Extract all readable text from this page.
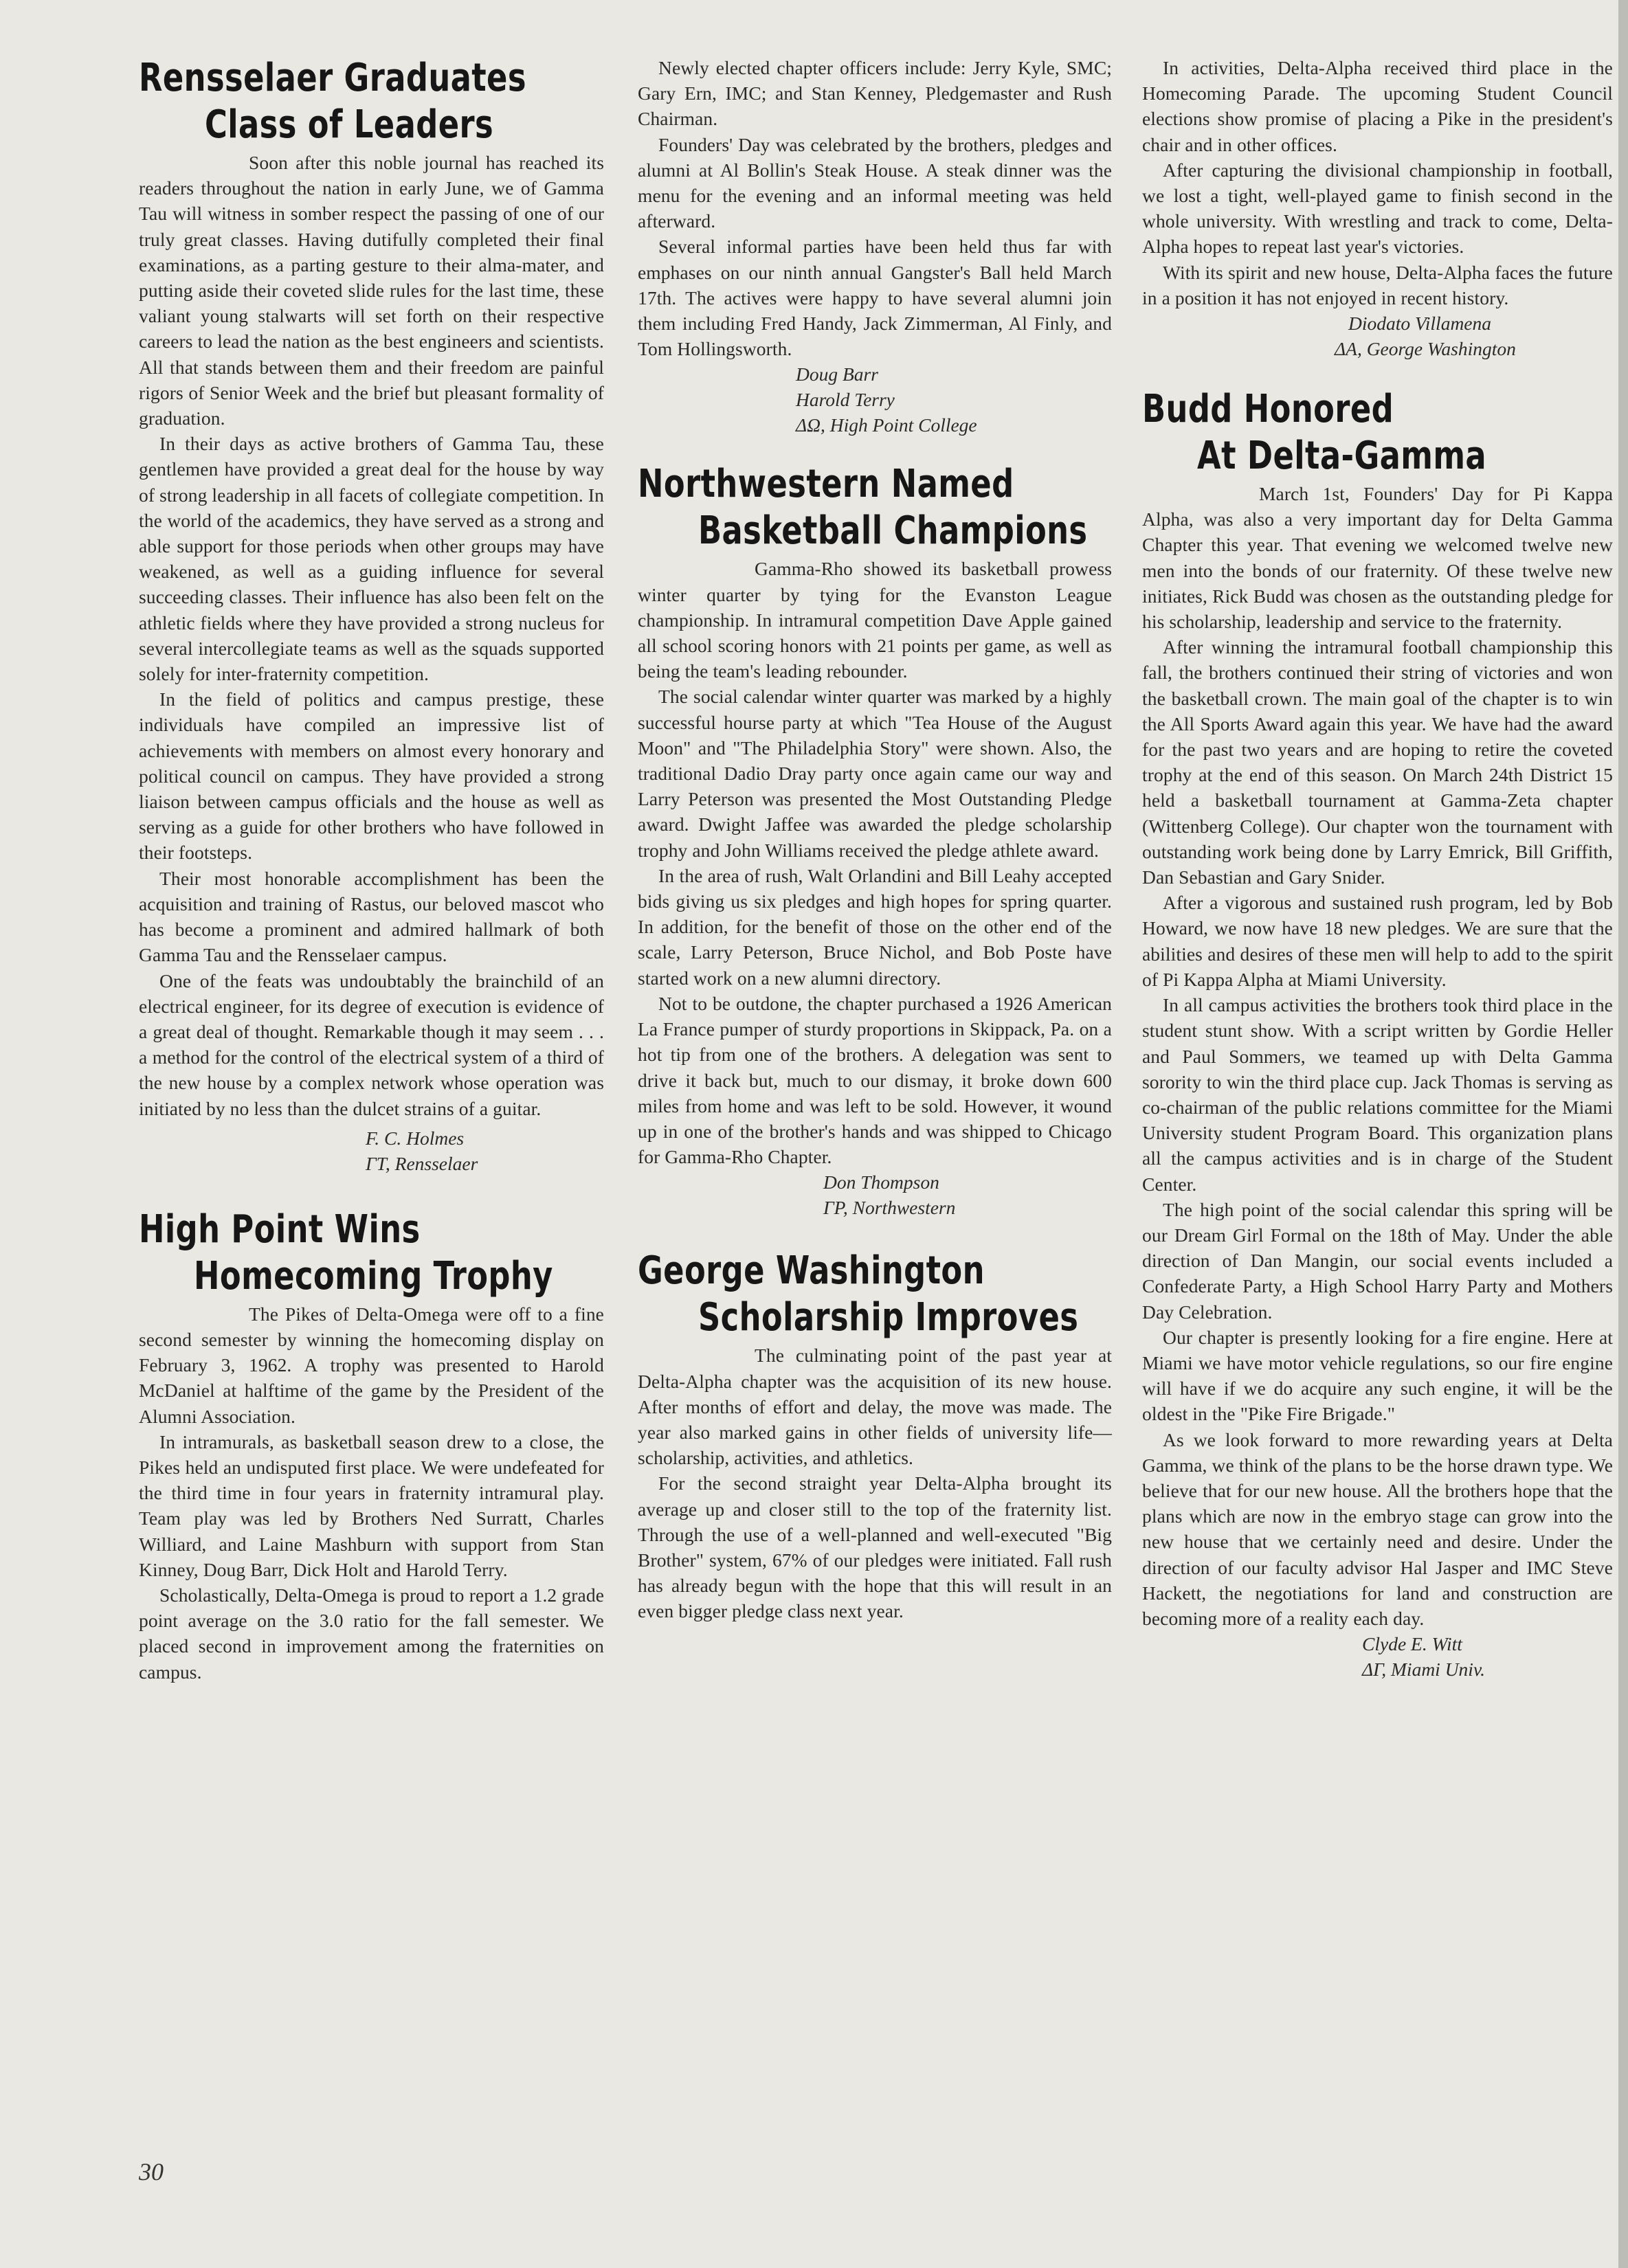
Rensselaer Graduates
Class of Leaders

Soon after this noble journal has reached its readers throughout the nation in early June, we of Gamma Tau will witness in somber respect the passing of one of our truly great classes. Having dutifully completed their final examinations, as a parting gesture to their alma-mater, and putting aside their coveted slide rules for the last time, these valiant young stalwarts will set forth on their respective careers to lead the nation as the best engineers and scientists. All that stands between them and their freedom are painful rigors of Senior Week and the brief but pleasant formality of graduation.

In their days as active brothers of Gamma Tau, these gentlemen have provided a great deal for the house by way of strong leadership in all facets of collegiate competition. In the world of the academics, they have served as a strong and able support for those periods when other groups may have weakened, as well as a guiding influence for several succeeding classes. Their influence has also been felt on the athletic fields where they have provided a strong nucleus for several intercollegiate teams as well as the squads supported solely for inter-fraternity competition.

In the field of politics and campus prestige, these individuals have compiled an impressive list of achievements with members on almost every honorary and political council on campus. They have provided a strong liaison between campus officials and the house as well as serving as a guide for other brothers who have followed in their footsteps.

Their most honorable accomplishment has been the acquisition and training of Rastus, our beloved mascot who has become a prominent and admired hallmark of both Gamma Tau and the Rensselaer campus.

One of the feats was undoubtably the brainchild of an electrical engineer, for its degree of execution is evidence of a great deal of thought. Remarkable though it may seem . . . a method for the control of the electrical system of a third of the new house by a complex network whose operation was initiated by no less than the dulcet strains of a guitar.

F. C. Holmes
ΓT, Rensselaer
High Point Wins
Homecoming Trophy

The Pikes of Delta-Omega were off to a fine second semester by winning the homecoming display on February 3, 1962. A trophy was presented to Harold McDaniel at halftime of the game by the President of the Alumni Association.

In intramurals, as basketball season drew to a close, the Pikes held an undisputed first place. We were undefeated for the third time in four years in fraternity intramural play. Team play was led by Brothers Ned Surratt, Charles Williard, and Laine Mashburn with support from Stan Kinney, Doug Barr, Dick Holt and Harold Terry.

Scholastically, Delta-Omega is proud to report a 1.2 grade point average on the 3.0 ratio for the fall semester. We placed second in improvement among the fraternities on campus.

Newly elected chapter officers include: Jerry Kyle, SMC; Gary Ern, IMC; and Stan Kenney, Pledgemaster and Rush Chairman.

Founders' Day was celebrated by the brothers, pledges and alumni at Al Bollin's Steak House. A steak dinner was the menu for the evening and an informal meeting was held afterward.

Several informal parties have been held thus far with emphases on our ninth annual Gangster's Ball held March 17th. The actives were happy to have several alumni join them including Fred Handy, Jack Zimmerman, Al Finly, and Tom Hollingsworth.

Doug Barr
Harold Terry
ΔΩ, High Point College
Northwestern Named
Basketball Champions

Gamma-Rho showed its basketball prowess winter quarter by tying for the Evanston League championship. In intramural competition Dave Apple gained all school scoring honors with 21 points per game, as well as being the team's leading rebounder.

The social calendar winter quarter was marked by a highly successful hourse party at which "Tea House of the August Moon" and "The Philadelphia Story" were shown. Also, the traditional Dadio Dray party once again came our way and Larry Peterson was presented the Most Outstanding Pledge award. Dwight Jaffee was awarded the pledge scholarship trophy and John Williams received the pledge athlete award.

In the area of rush, Walt Orlandini and Bill Leahy accepted bids giving us six pledges and high hopes for spring quarter. In addition, for the benefit of those on the other end of the scale, Larry Peterson, Bruce Nichol, and Bob Poste have started work on a new alumni directory.

Not to be outdone, the chapter purchased a 1926 American La France pumper of sturdy proportions in Skippack, Pa. on a hot tip from one of the brothers. A delegation was sent to drive it back but, much to our dismay, it broke down 600 miles from home and was left to be sold. However, it wound up in one of the brother's hands and was shipped to Chicago for Gamma-Rho Chapter.

Don Thompson
ΓP, Northwestern
George Washington
Scholarship Improves

The culminating point of the past year at Delta-Alpha chapter was the acquisition of its new house. After months of effort and delay, the move was made. The year also marked gains in other fields of university life—scholarship, activities, and athletics.

For the second straight year Delta-Alpha brought its average up and closer still to the top of the fraternity list. Through the use of a well-planned and well-executed "Big Brother" system, 67% of our pledges were initiated. Fall rush has already begun with the hope that this will result in an even bigger pledge class next year.

In activities, Delta-Alpha received third place in the Homecoming Parade. The upcoming Student Council elections show promise of placing a Pike in the president's chair and in other offices.

After capturing the divisional championship in football, we lost a tight, well-played game to finish second in the whole university. With wrestling and track to come, Delta-Alpha hopes to repeat last year's victories.

With its spirit and new house, Delta-Alpha faces the future in a position it has not enjoyed in recent history.

Diodato Villamena
ΔA, George Washington
Budd Honored
At Delta-Gamma

March 1st, Founders' Day for Pi Kappa Alpha, was also a very important day for Delta Gamma Chapter this year. That evening we welcomed twelve new men into the bonds of our fraternity. Of these twelve new initiates, Rick Budd was chosen as the outstanding pledge for his scholarship, leadership and service to the fraternity.

After winning the intramural football championship this fall, the brothers continued their string of victories and won the basketball crown. The main goal of the chapter is to win the All Sports Award again this year. We have had the award for the past two years and are hoping to retire the coveted trophy at the end of this season. On March 24th District 15 held a basketball tournament at Gamma-Zeta chapter (Wittenberg College). Our chapter won the tournament with outstanding work being done by Larry Emrick, Bill Griffith, Dan Sebastian and Gary Snider.

After a vigorous and sustained rush program, led by Bob Howard, we now have 18 new pledges. We are sure that the abilities and desires of these men will help to add to the spirit of Pi Kappa Alpha at Miami University.

In all campus activities the brothers took third place in the student stunt show. With a script written by Gordie Heller and Paul Sommers, we teamed up with Delta Gamma sorority to win the third place cup. Jack Thomas is serving as co-chairman of the public relations committee for the Miami University student Program Board. This organization plans all the campus activities and is in charge of the Student Center.

The high point of the social calendar this spring will be our Dream Girl Formal on the 18th of May. Under the able direction of Dan Mangin, our social events included a Confederate Party, a High School Harry Party and Mothers Day Celebration.

Our chapter is presently looking for a fire engine. Here at Miami we have motor vehicle regulations, so our fire engine will have if we do acquire any such engine, it will be the oldest in the "Pike Fire Brigade."

As we look forward to more rewarding years at Delta Gamma, we think of the plans to be the horse drawn type. We believe that for our new house. All the brothers hope that the plans which are now in the embryo stage can grow into the new house that we certainly need and desire. Under the direction of our faculty advisor Hal Jasper and IMC Steve Hackett, the negotiations for land and construction are becoming more of a reality each day.

Clyde E. Witt
ΔΓ, Miami Univ.
30
